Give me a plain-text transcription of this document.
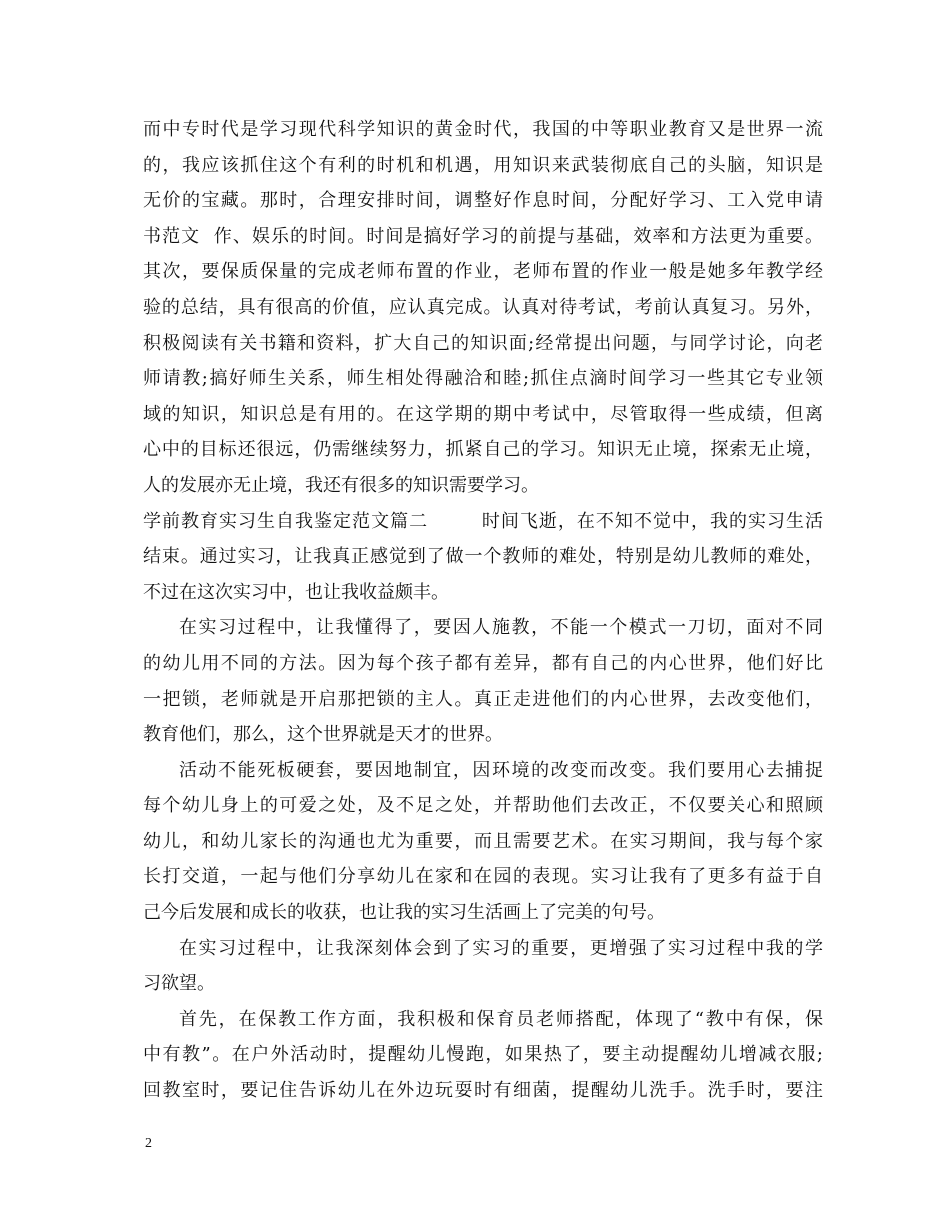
而中专时代是学习现代科学知识的黄金时代，我国的中等职业教育又是世界一流
的，我应该抓住这个有利的时机和机遇，用知识来武装彻底自己的头脑，知识是
无价的宝藏。那时，合理安排时间，调整好作息时间，分配好学习、工入党申请
书范文  作、娱乐的时间。时间是搞好学习的前提与基础，效率和方法更为重要。
其次，要保质保量的完成老师布置的作业，老师布置的作业一般是她多年教学经
验的总结，具有很高的价值，应认真完成。认真对待考试，考前认真复习。另外，
积极阅读有关书籍和资料，扩大自己的知识面;经常提出问题，与同学讨论，向老
师请教;搞好师生关系，师生相处得融洽和睦;抓住点滴时间学习一些其它专业领
域的知识，知识总是有用的。在这学期的期中考试中，尽管取得一些成绩，但离
心中的目标还很远，仍需继续努力，抓紧自己的学习。知识无止境，探索无止境，
人的发展亦无止境，我还有很多的知识需要学习。
学前教育实习生自我鉴定范文篇二        时间飞逝，在不知不觉中，我的实习生活
结束。通过实习，让我真正感觉到了做一个教师的难处，特别是幼儿教师的难处，
不过在这次实习中，也让我收益颇丰。
在实习过程中，让我懂得了，要因人施教，不能一个模式一刀切，面对不同
的幼儿用不同的方法。因为每个孩子都有差异，都有自己的内心世界，他们好比
一把锁，老师就是开启那把锁的主人。真正走进他们的内心世界，去改变他们，
教育他们，那么，这个世界就是天才的世界。
活动不能死板硬套，要因地制宜，因环境的改变而改变。我们要用心去捕捉
每个幼儿身上的可爱之处，及不足之处，并帮助他们去改正，不仅要关心和照顾
幼儿，和幼儿家长的沟通也尤为重要，而且需要艺术。在实习期间，我与每个家
长打交道，一起与他们分享幼儿在家和在园的表现。实习让我有了更多有益于自
己今后发展和成长的收获，也让我的实习生活画上了完美的句号。
在实习过程中，让我深刻体会到了实习的重要，更增强了实习过程中我的学
习欲望。
首先，在保教工作方面，我积极和保育员老师搭配，体现了“教中有保，保
中有教”。在户外活动时，提醒幼儿慢跑，如果热了，要主动提醒幼儿增减衣服;
回教室时，要记住告诉幼儿在外边玩耍时有细菌，提醒幼儿洗手。洗手时，要注
2
